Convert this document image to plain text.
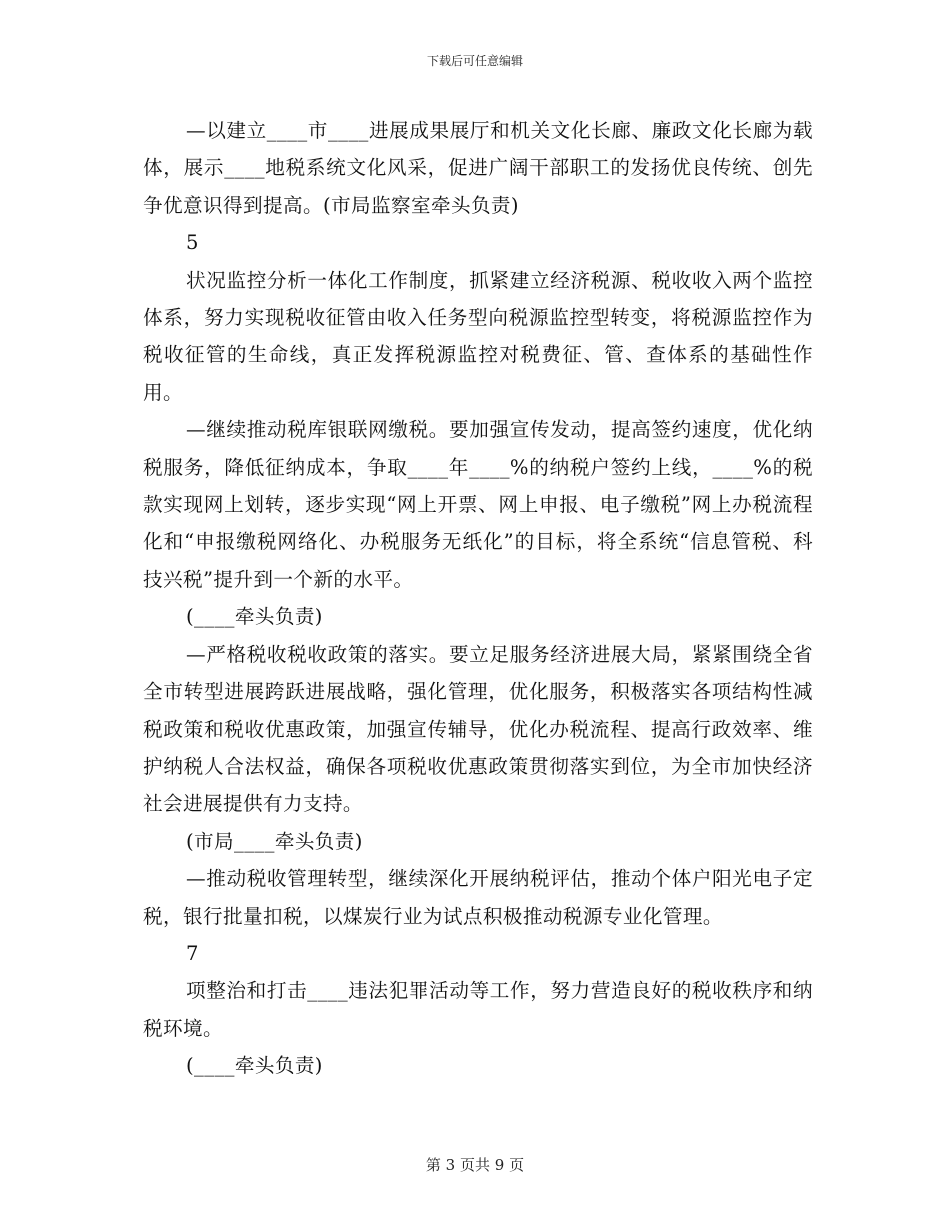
下载后可任意编辑

—以建立____市____进展成果展厅和机关文化长廊、廉政文化长廊为载体，展示____地税系统文化风采，促进广阔干部职工的发扬优良传统、创先争优意识得到提高。(市局监察室牵头负责)

5

状况监控分析一体化工作制度，抓紧建立经济税源、税收收入两个监控体系，努力实现税收征管由收入任务型向税源监控型转变，将税源监控作为税收征管的生命线，真正发挥税源监控对税费征、管、查体系的基础性作用。

—继续推动税库银联网缴税。要加强宣传发动，提高签约速度，优化纳税服务，降低征纳成本，争取____年____%的纳税户签约上线，____%的税款实现网上划转，逐步实现“网上开票、网上申报、电子缴税”网上办税流程化和“申报缴税网络化、办税服务无纸化”的目标，将全系统“信息管税、科技兴税”提升到一个新的水平。

(____牵头负责)

—严格税收税收政策的落实。要立足服务经济进展大局，紧紧围绕全省全市转型进展跨跃进展战略，强化管理，优化服务，积极落实各项结构性减税政策和税收优惠政策，加强宣传辅导，优化办税流程、提高行政效率、维护纳税人合法权益，确保各项税收优惠政策贯彻落实到位，为全市加快经济社会进展提供有力支持。

(市局____牵头负责)

—推动税收管理转型，继续深化开展纳税评估，推动个体户阳光电子定税，银行批量扣税，以煤炭行业为试点积极推动税源专业化管理。

7

项整治和打击____违法犯罪活动等工作，努力营造良好的税收秩序和纳税环境。

(____牵头负责)

第 3 页共 9 页
